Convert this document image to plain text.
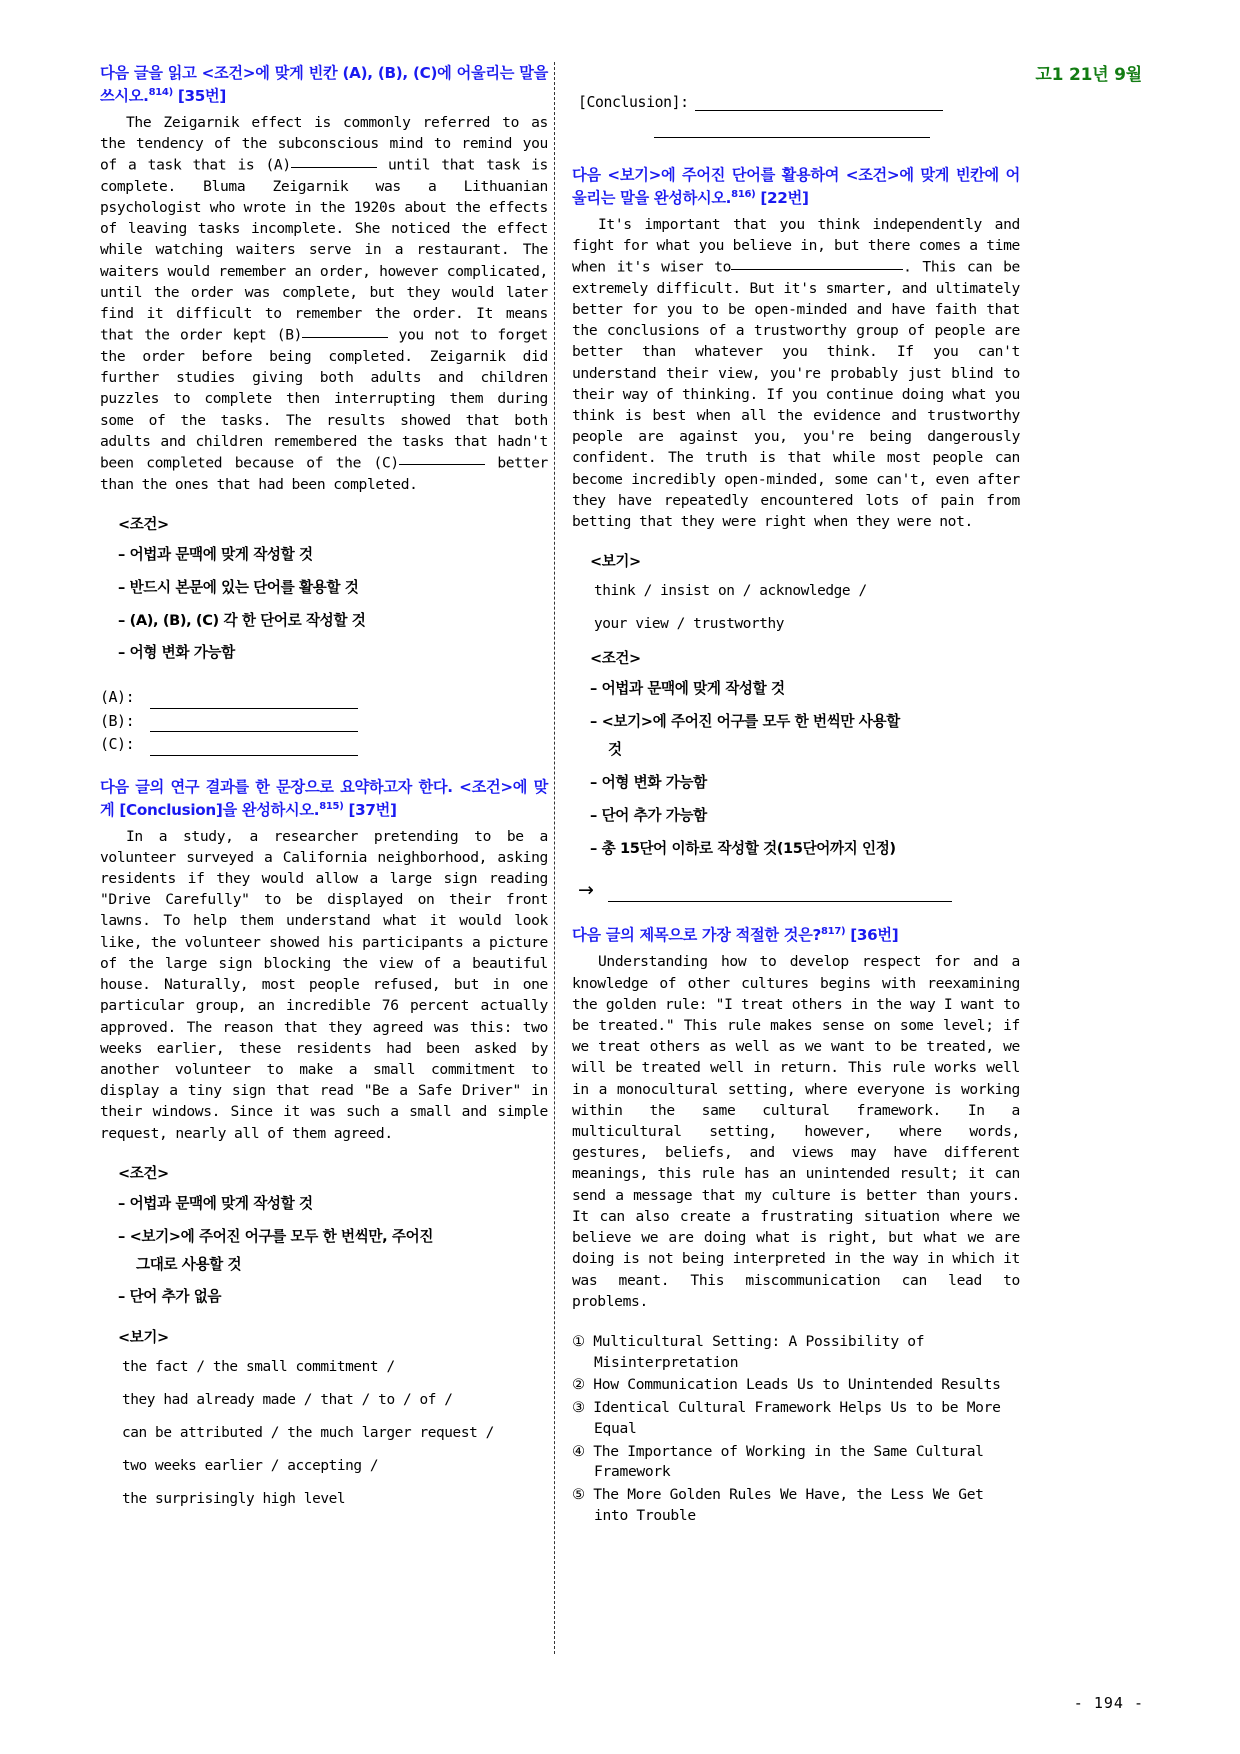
고1 21년 9월
다음 글을 읽고 <조건>에 맞게 빈칸 (A), (B), (C)에 어울리는 말을 쓰시오.$^{814)}$ [35번]

The Zeigarnik effect is commonly referred to as the tendency of the subconscious mind to remind you of a task that is (A)	until that task is complete. Bluma Zeigarnik was a Lithuanian psychologist who wrote in the 1920s about the effects of leaving tasks incomplete. She noticed the effect while watching waiters serve in a restaurant. The waiters would remember an order, however complicated, until the order was complete, but they would later find it difficult to remember the order. It means that the order kept (B)	you not to forget the order before being completed. Zeigarnik did further studies giving both adults and children puzzles to complete then interrupting them during some of the tasks. The results showed that both adults and children remembered the tasks that hadn't been completed because of the (C)	better than the ones that had been completed.

<조건>
– 어법과 문맥에 맞게 작성할 것
– 반드시 본문에 있는 단어를 활용할 것
– (A), (B), (C) 각 한 단어로 작성할 것
– 어형 변화 가능함
(A):
(B):
(C):
다음 글의 연구 결과를 한 문장으로 요약하고자 한다. <조건>에 맞게 [Conclusion]을 완성하시오.$^{815)}$ [37번]

In a study, a researcher pretending to be a volunteer surveyed a California neighborhood, asking residents if they would allow a large sign reading "Drive Carefully" to be displayed on their front lawns. To help them understand what it would look like, the volunteer showed his participants a picture of the large sign blocking the view of a beautiful house. Naturally, most people refused, but in one particular group, an incredible 76 percent actually approved. The reason that they agreed was this: two weeks earlier, these residents had been asked by another volunteer to make a small commitment to display a tiny sign that read "Be a Safe Driver" in their windows. Since it was such a small and simple request, nearly all of them agreed.

<조건>
– 어법과 문맥에 맞게 작성할 것
– <보기>에 주어진 어구를 모두 한 번씩만, 주어진
그대로 사용할 것
– 단어 추가 없음
<보기>
the fact / the small commitment /
they had already made / that / to / of /
can be attributed / the much larger request /
two weeks earlier / accepting /
the surprisingly high level
[Conclusion]:
다음 <보기>에 주어진 단어를 활용하여 <조건>에 맞게 빈칸에 어울리는 말을 완성하시오.$^{816)}$ [22번]

It's important that you think independently and fight for what you believe in, but there comes a time when it's wiser to	. This can be extremely difficult. But it's smarter, and ultimately better for you to be open-minded and have faith that the conclusions of a trustworthy group of people are better than whatever you think. If you can't understand their view, you're probably just blind to their way of thinking. If you continue doing what you think is best when all the evidence and trustworthy people are against you, you're being dangerously confident. The truth is that while most people can become incredibly open-minded, some can't, even after they have repeatedly encountered lots of pain from betting that they were right when they were not.

<보기>
think / insist on / acknowledge /
your view / trustworthy
<조건>
– 어법과 문맥에 맞게 작성할 것
– <보기>에 주어진 어구를 모두 한 번씩만 사용할
것
– 어형 변화 가능함
– 단어 추가 가능함
– 총 15단어 이하로 작성할 것(15단어까지 인정)
→
다음 글의 제목으로 가장 적절한 것은?$^{817)}$ [36번]

Understanding how to develop respect for and a knowledge of other cultures begins with reexamining the golden rule: "I treat others in the way I want to be treated." This rule makes sense on some level; if we treat others as well as we want to be treated, we will be treated well in return. This rule works well in a monocultural setting, where everyone is working within the same cultural framework. In a multicultural setting, however, where words, gestures, beliefs, and views may have different meanings, this rule has an unintended result; it can send a message that my culture is better than yours. It can also create a frustrating situation where we believe we are doing what is right, but what we are doing is not being interpreted in the way in which it was meant. This miscommunication can lead to problems.

① Multicultural Setting: A Possibility of Misinterpretation
② How Communication Leads Us to Unintended Results
③ Identical Cultural Framework Helps Us to be More Equal
④ The Importance of Working in the Same Cultural Framework
⑤ The More Golden Rules We Have, the Less We Get into Trouble
- 194 -
